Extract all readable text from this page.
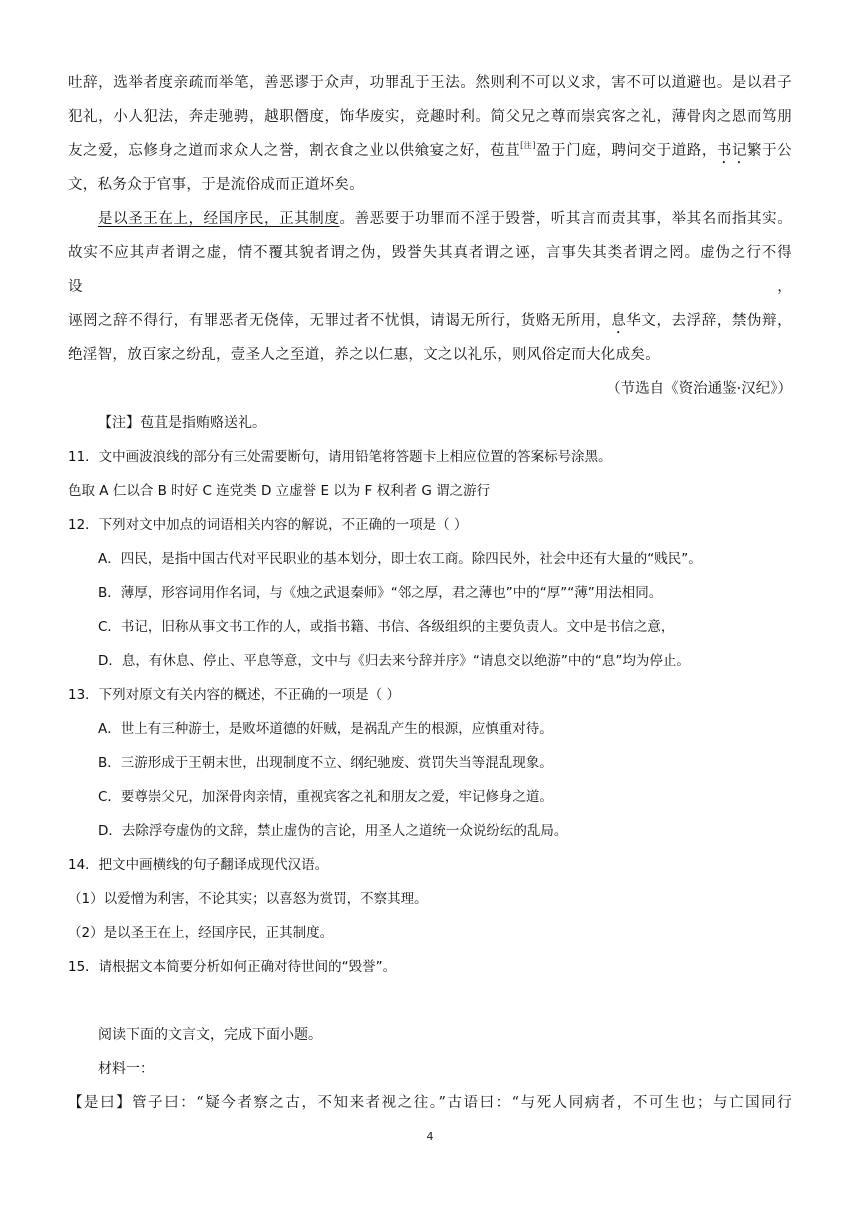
吐辞，选举者度亲疏而举笔，善恶谬于众声，功罪乱于王法。然则利不可以义求，害不可以道避也。是以君子

犯礼，小人犯法，奔走驰骋，越职僭度，饰华废实，竞趣时利。简父兄之尊而崇宾客之礼，薄骨肉之恩而笃朋

友之爱，忘修身之道而求众人之誉，割衣食之业以供飨宴之好，苞苴[注]盈于门庭，聘问交于道路，书记繁于公

文，私务众于官事，于是流俗成而正道坏矣。

是以圣王在上，经国序民，正其制度。善恶要于功罪而不淫于毁誉，听其言而责其事，举其名而指其实。

故实不应其声者谓之虚，情不覆其貌者谓之伪，毁誉失其真者谓之诬，言事失其类者谓之罔。虚伪之行不得设，

诬罔之辞不得行，有罪恶者无侥倖，无罪过者不忧惧，请谒无所行，货赂无所用，息华文，去浮辞，禁伪辩，

绝淫智，放百家之纷乱，壹圣人之至道，养之以仁惠，文之以礼乐，则风俗定而大化成矣。

（节选自《资治通鉴·汉纪》）

【注】苞苴是指贿赂送礼。

11．文中画波浪线的部分有三处需要断句，请用铅笔将答题卡上相应位置的答案标号涂黑。

色取 A 仁以合 B 时好 C 连党类 D 立虚誉 E 以为 F 权利者 G 谓之游行

12．下列对文中加点的词语相关内容的解说，不正确的一项是（ ）

A．四民，是指中国古代对平民职业的基本划分，即士农工商。除四民外，社会中还有大量的“贱民”。

B．薄厚，形容词用作名词，与《烛之武退秦师》“邻之厚，君之薄也”中的“厚”“薄”用法相同。

C．书记，旧称从事文书工作的人，或指书籍、书信、各级组织的主要负责人。文中是书信之意，

D．息，有休息、停止、平息等意，文中与《归去来兮辞并序》“请息交以绝游”中的“息”均为停止。

13．下列对原文有关内容的概述，不正确的一项是（ ）

A．世上有三种游士，是败坏道德的奸贼，是祸乱产生的根源，应慎重对待。

B．三游形成于王朝末世，出现制度不立、纲纪驰废、赏罚失当等混乱现象。

C．要尊崇父兄，加深骨肉亲情，重视宾客之礼和朋友之爱，牢记修身之道。

D．去除浮夸虚伪的文辞，禁止虚伪的言论，用圣人之道统一众说纷纭的乱局。

14．把文中画横线的句子翻译成现代汉语。

（1）以爱憎为利害，不论其实；以喜怒为赏罚，不察其理。

（2）是以圣王在上，经国序民，正其制度。

15．请根据文本简要分析如何正确对待世间的“毁誉”。

阅读下面的文言文，完成下面小题。

材料一：

【是曰】管子曰：“疑今者察之古，不知来者视之往。”古语曰：“与死人同病者，不可生也；与亡国同行

4
